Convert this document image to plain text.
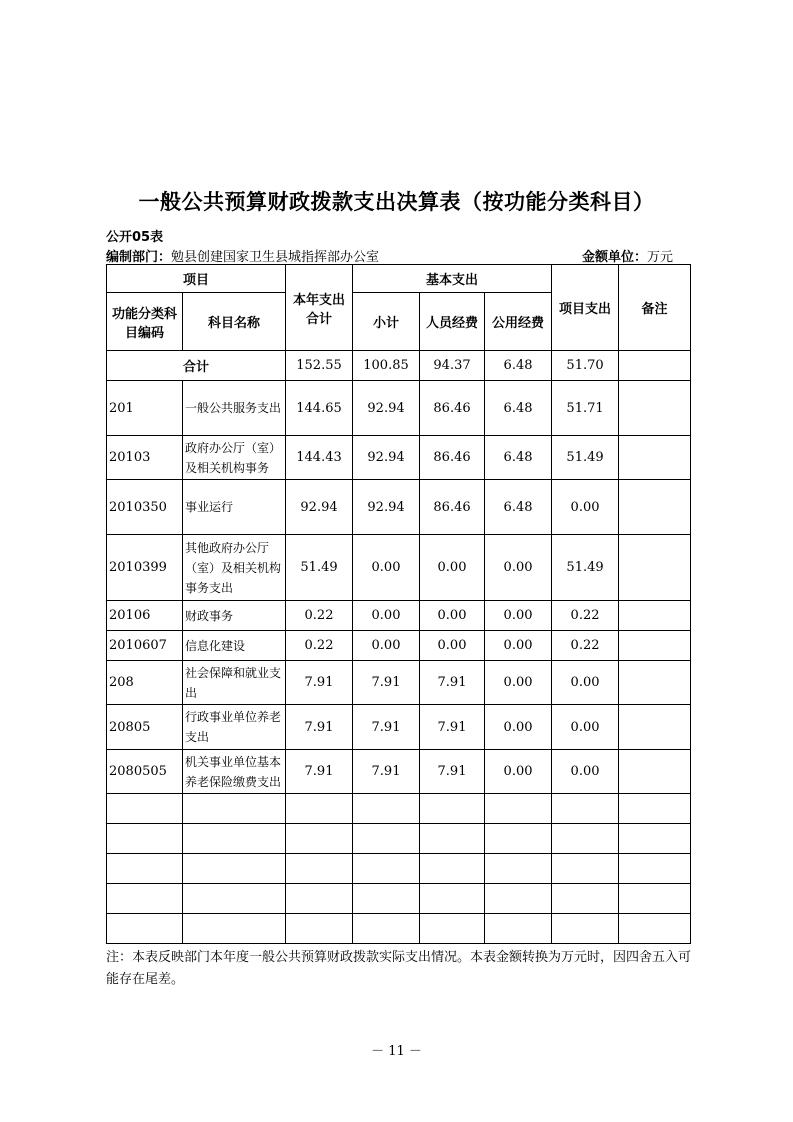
一般公共预算财政拨款支出决算表（按功能分类科目）
公开05表
编制部门：勉县创建国家卫生县城指挥部办公室	金额单位：万元
项目		本年支出合计	基本支出			项目支出	备注
功能分类科目编码	科目名称		小计	人员经费	公用经费		
合计		152.55	100.85	94.37	6.48	51.70	
201	一般公共服务支出	144.65	92.94	86.46	6.48	51.71	
20103	政府办公厅（室）及相关机构事务	144.43	92.94	86.46	6.48	51.49	
2010350	事业运行	92.94	92.94	86.46	6.48	0.00	
2010399	其他政府办公厅（室）及相关机构事务支出	51.49	0.00	0.00	0.00	51.49	
20106	财政事务	0.22	0.00	0.00	0.00	0.22	
2010607	信息化建设	0.22	0.00	0.00	0.00	0.22	
208	社会保障和就业支出	7.91	7.91	7.91	0.00	0.00	
20805	行政事业单位养老支出	7.91	7.91	7.91	0.00	0.00	
2080505	机关事业单位基本养老保险缴费支出	7.91	7.91	7.91	0.00	0.00	

注：本表反映部门本年度一般公共预算财政拨款实际支出情况。本表金额转换为万元时，因四舍五入可能存在尾差。
－ 11 －
